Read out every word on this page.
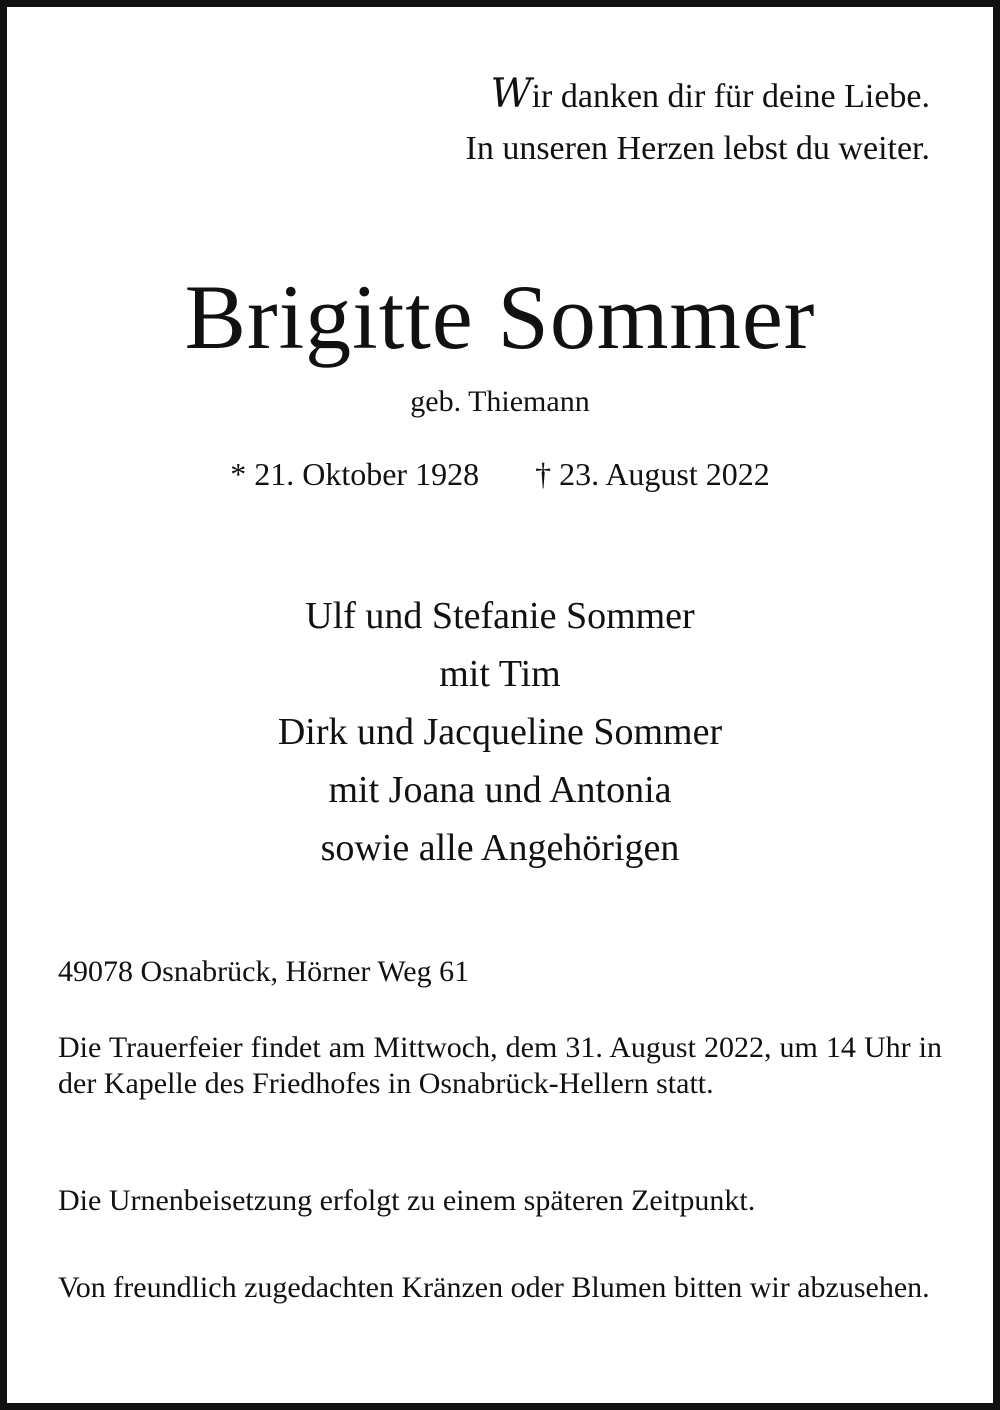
Wir danken dir für deine Liebe.
In unseren Herzen lebst du weiter.
Brigitte Sommer
geb. Thiemann
* 21. Oktober 1928 † 23. August 2022
Ulf und Stefanie Sommer
mit Tim
Dirk und Jacqueline Sommer
mit Joana und Antonia
sowie alle Angehörigen
49078 Osnabrück, Hörner Weg 61
Die Trauerfeier findet am Mittwoch, dem 31. August 2022, um 14 Uhr in der Kapelle des Friedhofes in Osnabrück-Hellern statt.
Die Urnenbeisetzung erfolgt zu einem späteren Zeitpunkt.
Von freundlich zugedachten Kränzen oder Blumen bitten wir abzusehen.
